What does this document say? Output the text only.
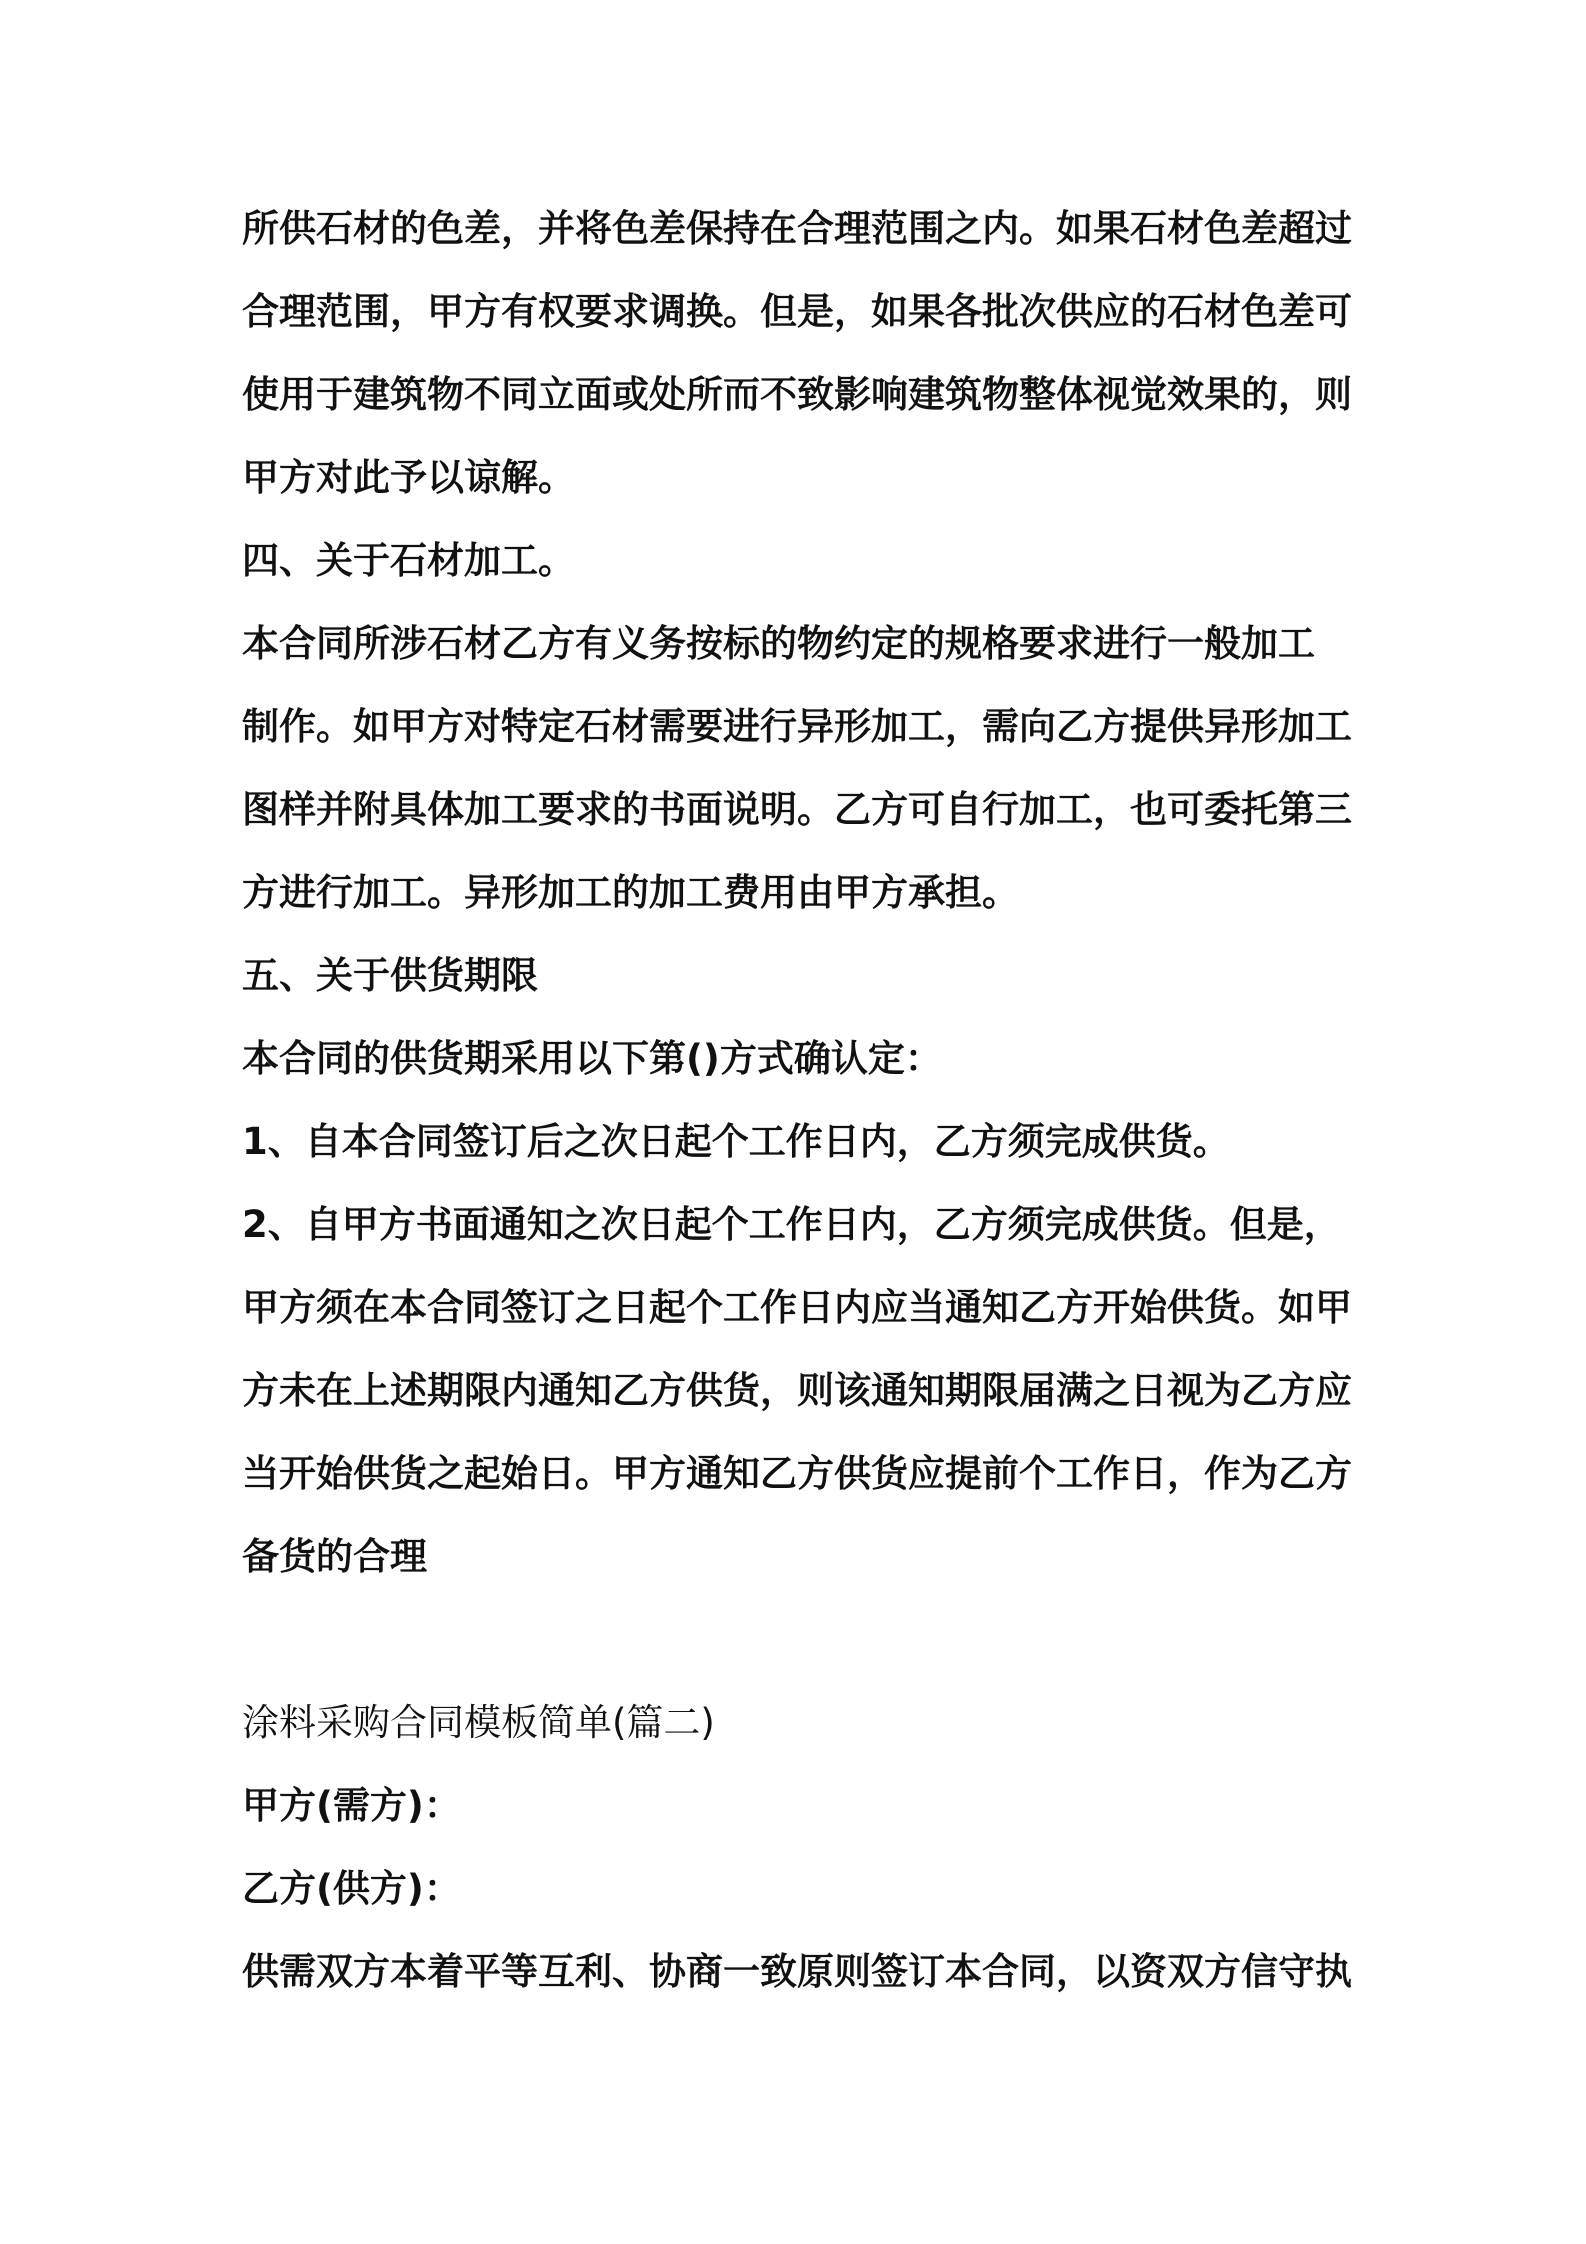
所供石材的色差，并将色差保持在合理范围之内。如果石材色差超过

合理范围，甲方有权要求调换。但是，如果各批次供应的石材色差可

使用于建筑物不同立面或处所而不致影响建筑物整体视觉效果的，则

甲方对此予以谅解。

四、关于石材加工。

本合同所涉石材乙方有义务按标的物约定的规格要求进行一般加工

制作。如甲方对特定石材需要进行异形加工，需向乙方提供异形加工

图样并附具体加工要求的书面说明。乙方可自行加工，也可委托第三

方进行加工。异形加工的加工费用由甲方承担。

五、关于供货期限

本合同的供货期采用以下第()方式确认定：

1、自本合同签订后之次日起个工作日内，乙方须完成供货。

2、自甲方书面通知之次日起个工作日内，乙方须完成供货。但是，

甲方须在本合同签订之日起个工作日内应当通知乙方开始供货。如甲

方未在上述期限内通知乙方供货，则该通知期限届满之日视为乙方应

当开始供货之起始日。甲方通知乙方供货应提前个工作日，作为乙方

备货的合理

涂料采购合同模板简单(篇二)

甲方(需方)：

乙方(供方)：

供需双方本着平等互利、协商一致原则签订本合同，以资双方信守执
